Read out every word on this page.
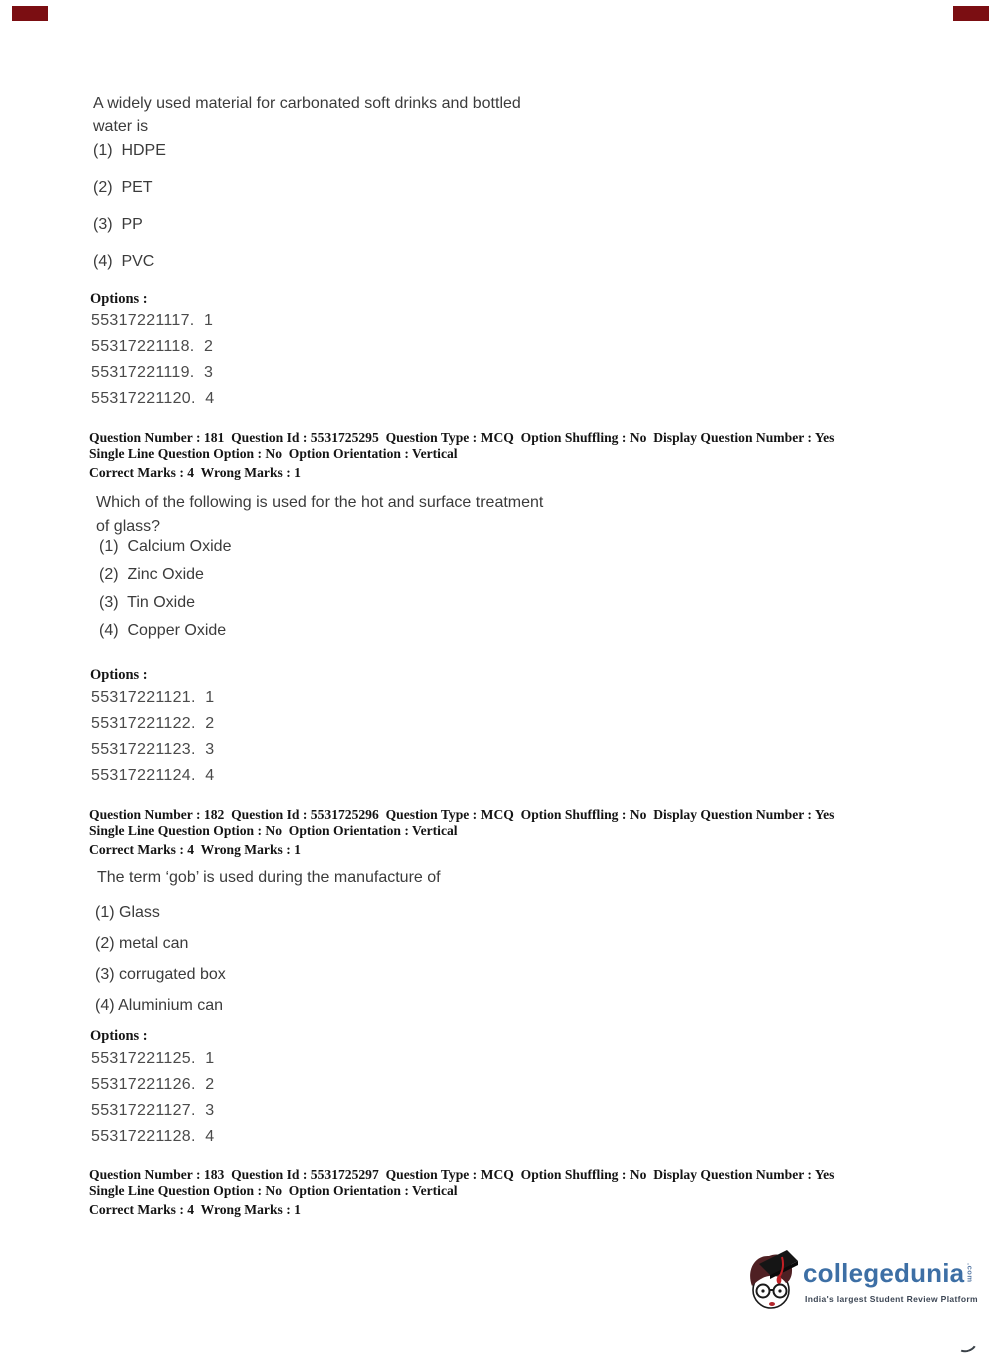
A widely used material for carbonated soft drinks and bottled
water is
(1)  HDPE
(2)  PET
(3)  PP
(4)  PVC
Options :
55317221117.  1
55317221118.  2
55317221119.  3
55317221120.  4
Question Number : 181  Question Id : 5531725295  Question Type : MCQ  Option Shuffling : No  Display Question Number : Yes
Single Line Question Option : No  Option Orientation : Vertical
Correct Marks : 4  Wrong Marks : 1
Which of the following is used for the hot and surface treatment
of glass?
(1)  Calcium Oxide
(2)  Zinc Oxide
(3)  Tin Oxide
(4)  Copper Oxide
Options :
55317221121.  1
55317221122.  2
55317221123.  3
55317221124.  4
Question Number : 182  Question Id : 5531725296  Question Type : MCQ  Option Shuffling : No  Display Question Number : Yes
Single Line Question Option : No  Option Orientation : Vertical
Correct Marks : 4  Wrong Marks : 1
The term ‘gob’ is used during the manufacture of
(1) Glass
(2) metal can
(3) corrugated box
(4) Aluminium can
Options :
55317221125.  1
55317221126.  2
55317221127.  3
55317221128.  4
Question Number : 183  Question Id : 5531725297  Question Type : MCQ  Option Shuffling : No  Display Question Number : Yes
Single Line Question Option : No  Option Orientation : Vertical
Correct Marks : 4  Wrong Marks : 1
collegedunia .com
India's largest Student Review Platform
